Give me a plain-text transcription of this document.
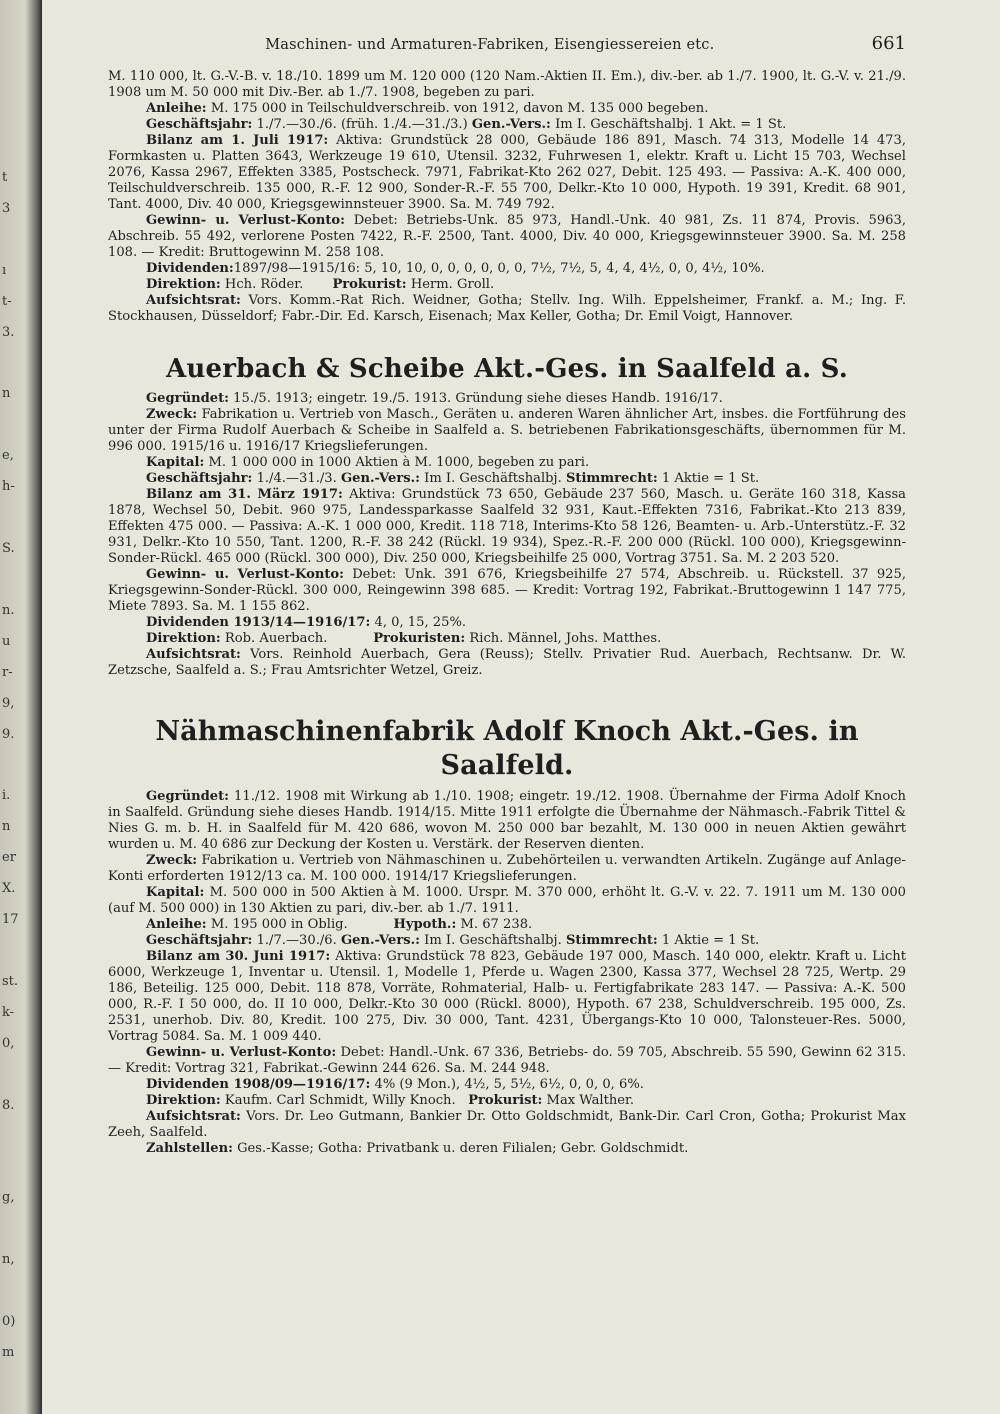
t
3
ı
t-
3.
n
e,
h-
S.
n.
u
r-
9,
9.
i.
n
er
X.
17
st.
k-
0,
8.
g,
n,
0)
m
Maschinen- und Armaturen-Fabriken, Eisengiessereien etc.	661

M. 110 000, lt. G.-V.-B. v. 18./10. 1899 um M. 120 000 (120 Nam.-Aktien II. Em.), div.-ber. ab 1./7. 1900, lt. G.-V. v. 21./9. 1908 um M. 50 000 mit Div.-Ber. ab 1./7. 1908, begeben zu pari.

Anleihe: M. 175 000 in Teilschuldverschreib. von 1912, davon M. 135 000 begeben.

Geschäftsjahr: 1./7.—30./6. (früh. 1./4.—31./3.) Gen.-Vers.: Im I. Geschäftshalbj. 1 Akt. = 1 St.

Bilanz am 1. Juli 1917: Aktiva: Grundstück 28 000, Gebäude 186 891, Masch. 74 313, Modelle 14 473, Formkasten u. Platten 3643, Werkzeuge 19 610, Utensil. 3232, Fuhrwesen 1, elektr. Kraft u. Licht 15 703, Wechsel 2076, Kassa 2967, Effekten 3385, Postscheck. 7971, Fabrikat-Kto 262 027, Debit. 125 493. — Passiva: A.-K. 400 000, Teilschuldverschreib. 135 000, R.-F. 12 900, Sonder-R.-F. 55 700, Delkr.-Kto 10 000, Hypoth. 19 391, Kredit. 68 901, Tant. 4000, Div. 40 000, Kriegsgewinnsteuer 3900. Sa. M. 749 792.

Gewinn- u. Verlust-Konto: Debet: Betriebs-Unk. 85 973, Handl.-Unk. 40 981, Zs. 11 874, Provis. 5963, Abschreib. 55 492, verlorene Posten 7422, R.-F. 2500, Tant. 4000, Div. 40 000, Kriegsgewinnsteuer 3900. Sa. M. 258 108. — Kredit: Bruttogewinn M. 258 108.

Dividenden:1897/98—1915/16: 5, 10, 10, 0, 0, 0, 0, 0, 0, 7½, 7½, 5, 4, 4, 4½, 0, 0, 4½, 10%.

Direktion: Hch. Röder. Prokurist: Herm. Groll.

Aufsichtsrat: Vors. Komm.-Rat Rich. Weidner, Gotha; Stellv. Ing. Wilh. Eppelsheimer, Frankf. a. M.; Ing. F. Stockhausen, Düsseldorf; Fabr.-Dir. Ed. Karsch, Eisenach; Max Keller, Gotha; Dr. Emil Voigt, Hannover.

Auerbach & Scheibe Akt.-Ges. in Saalfeld a. S.

Gegründet: 15./5. 1913; eingetr. 19./5. 1913. Gründung siehe dieses Handb. 1916/17.

Zweck: Fabrikation u. Vertrieb von Masch., Geräten u. anderen Waren ähnlicher Art, insbes. die Fortführung des unter der Firma Rudolf Auerbach & Scheibe in Saalfeld a. S. betriebenen Fabrikationsgeschäfts, übernommen für M. 996 000. 1915/16 u. 1916/17 Kriegslieferungen.

Kapital: M. 1 000 000 in 1000 Aktien à M. 1000, begeben zu pari.

Geschäftsjahr: 1./4.—31./3. Gen.-Vers.: Im I. Geschäftshalbj. Stimmrecht: 1 Aktie = 1 St.

Bilanz am 31. März 1917: Aktiva: Grundstück 73 650, Gebäude 237 560, Masch. u. Geräte 160 318, Kassa 1878, Wechsel 50, Debit. 960 975, Landessparkasse Saalfeld 32 931, Kaut.-Effekten 7316, Fabrikat.-Kto 213 839, Effekten 475 000. — Passiva: A.-K. 1 000 000, Kredit. 118 718, Interims-Kto 58 126, Beamten- u. Arb.-Unterstütz.-F. 32 931, Delkr.-Kto 10 550, Tant. 1200, R.-F. 38 242 (Rückl. 19 934), Spez.-R.-F. 200 000 (Rückl. 100 000), Kriegsgewinn-Sonder-Rückl. 465 000 (Rückl. 300 000), Div. 250 000, Kriegsbeihilfe 25 000, Vortrag 3751. Sa. M. 2 203 520.

Gewinn- u. Verlust-Konto: Debet: Unk. 391 676, Kriegsbeihilfe 27 574, Abschreib. u. Rückstell. 37 925, Kriegsgewinn-Sonder-Rückl. 300 000, Reingewinn 398 685. — Kredit: Vortrag 192, Fabrikat.-Bruttogewinn 1 147 775, Miete 7893. Sa. M. 1 155 862.

Dividenden 1913/14—1916/17: 4, 0, 15, 25%.

Direktion: Rob. Auerbach.	Prokuristen: Rich. Männel, Johs. Matthes.

Aufsichtsrat: Vors. Reinhold Auerbach, Gera (Reuss); Stellv. Privatier Rud. Auerbach, Rechtsanw. Dr. W. Zetzsche, Saalfeld a. S.; Frau Amtsrichter Wetzel, Greiz.

Nähmaschinenfabrik Adolf Knoch Akt.-Ges. in Saalfeld.

Gegründet: 11./12. 1908 mit Wirkung ab 1./10. 1908; eingetr. 19./12. 1908. Übernahme der Firma Adolf Knoch in Saalfeld. Gründung siehe dieses Handb. 1914/15. Mitte 1911 erfolgte die Übernahme der Nähmasch.-Fabrik Tittel & Nies G. m. b. H. in Saalfeld für M. 420 686, wovon M. 250 000 bar bezahlt, M. 130 000 in neuen Aktien gewährt wurden u. M. 40 686 zur Deckung der Kosten u. Verstärk. der Reserven dienten.

Zweck: Fabrikation u. Vertrieb von Nähmaschinen u. Zubehörteilen u. verwandten Artikeln. Zugänge auf Anlage-Konti erforderten 1912/13 ca. M. 100 000. 1914/17 Kriegslieferungen.

Kapital: M. 500 000 in 500 Aktien à M. 1000. Urspr. M. 370 000, erhöht lt. G.-V. v. 22. 7. 1911 um M. 130 000 (auf M. 500 000) in 130 Aktien zu pari, div.-ber. ab 1./7. 1911.

Anleihe: M. 195 000 in Oblig.	Hypoth.: M. 67 238.

Geschäftsjahr: 1./7.—30./6. Gen.-Vers.: Im I. Geschäftshalbj. Stimmrecht: 1 Aktie = 1 St.

Bilanz am 30. Juni 1917: Aktiva: Grundstück 78 823, Gebäude 197 000, Masch. 140 000, elektr. Kraft u. Licht 6000, Werkzeuge 1, Inventar u. Utensil. 1, Modelle 1, Pferde u. Wagen 2300, Kassa 377, Wechsel 28 725, Wertp. 29 186, Beteilig. 125 000, Debit. 118 878, Vorräte, Rohmaterial, Halb- u. Fertigfabrikate 283 147. — Passiva: A.-K. 500 000, R.-F. I 50 000, do. II 10 000, Delkr.-Kto 30 000 (Rückl. 8000), Hypoth. 67 238, Schuldverschreib. 195 000, Zs. 2531, unerhob. Div. 80, Kredit. 100 275, Div. 30 000, Tant. 4231, Übergangs-Kto 10 000, Talonsteuer-Res. 5000, Vortrag 5084. Sa. M. 1 009 440.

Gewinn- u. Verlust-Konto: Debet: Handl.-Unk. 67 336, Betriebs- do. 59 705, Abschreib. 55 590, Gewinn 62 315. — Kredit: Vortrag 321, Fabrikat.-Gewinn 244 626. Sa. M. 244 948.

Dividenden 1908/09—1916/17: 4% (9 Mon.), 4½, 5, 5½, 6½, 0, 0, 0, 6%.

Direktion: Kaufm. Carl Schmidt, Willy Knoch. Prokurist: Max Walther.

Aufsichtsrat: Vors. Dr. Leo Gutmann, Bankier Dr. Otto Goldschmidt, Bank-Dir. Carl Cron, Gotha; Prokurist Max Zeeh, Saalfeld.

Zahlstellen: Ges.-Kasse; Gotha: Privatbank u. deren Filialen; Gebr. Goldschmidt.
